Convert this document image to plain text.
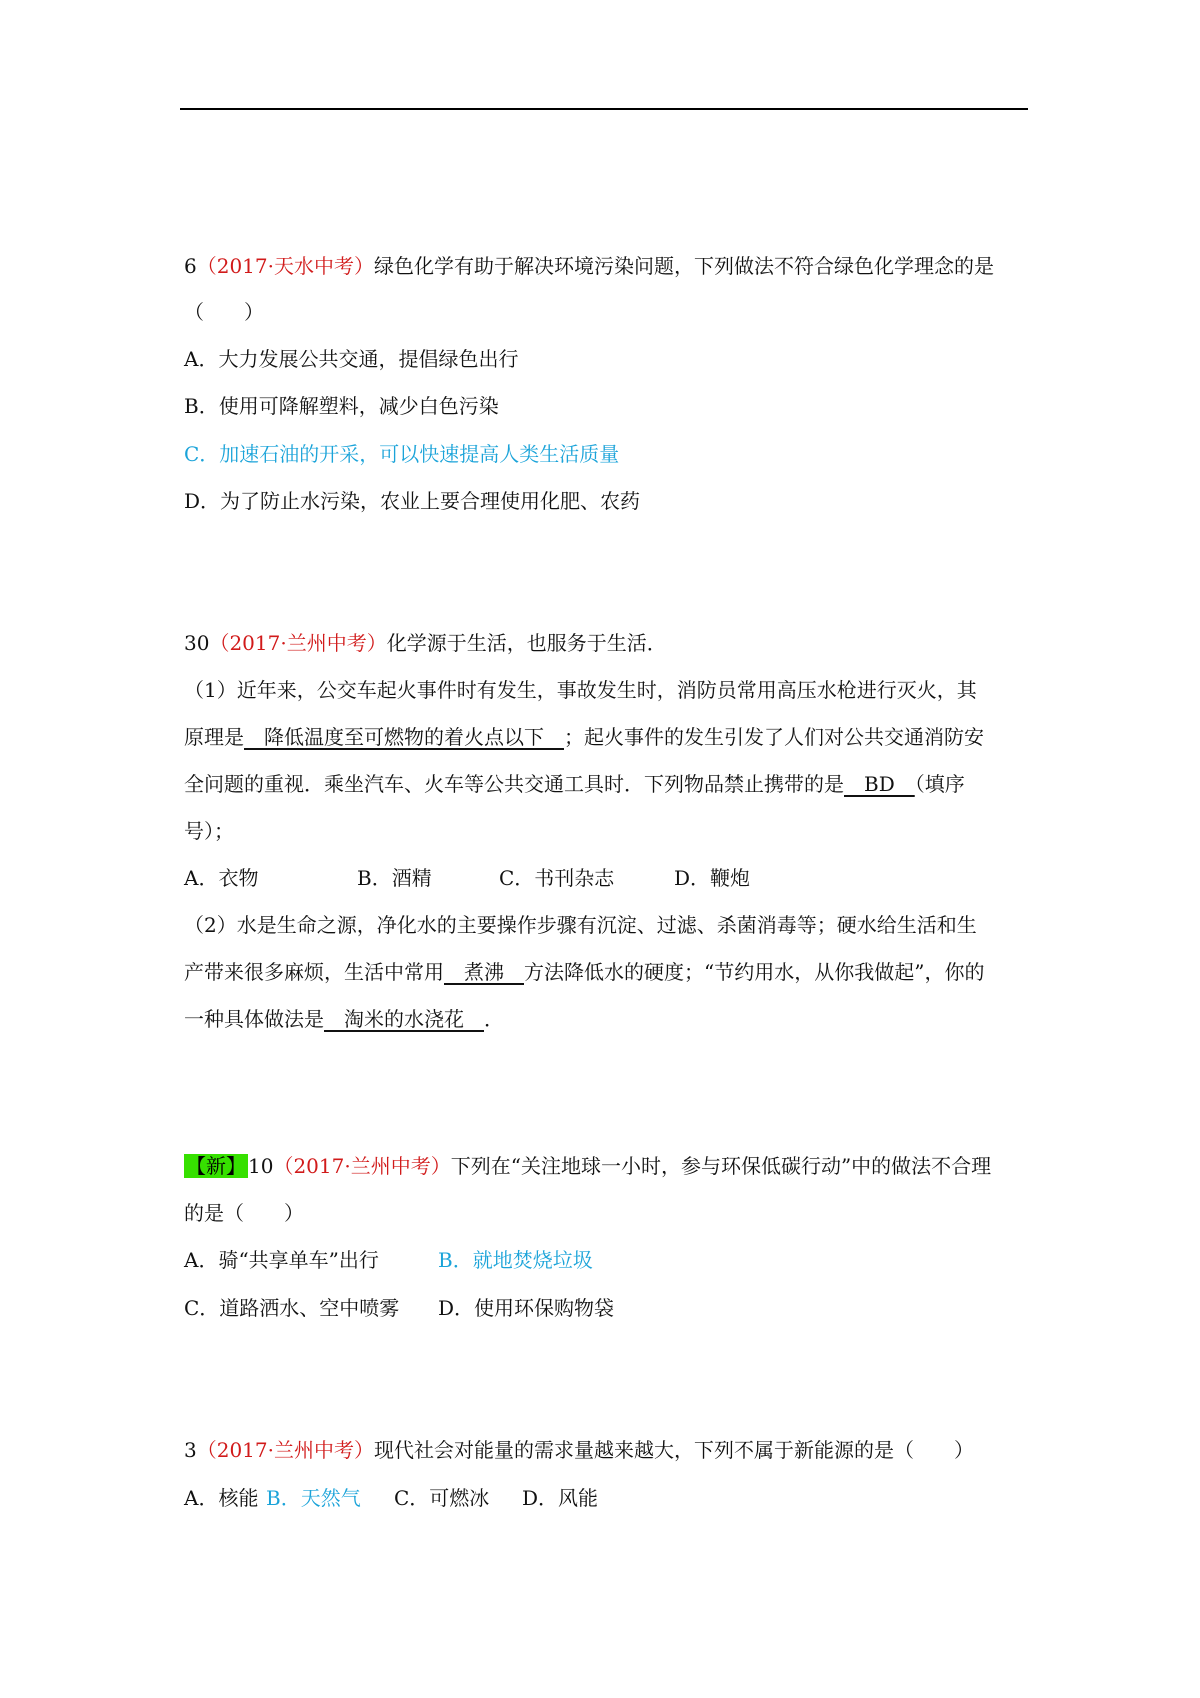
6（2017·天水中考）绿色化学有助于解决环境污染问题，下列做法不符合绿色化学理念的是
（　　）
A．大力发展公共交通，提倡绿色出行
B．使用可降解塑料，减少白色污染
C．加速石油的开采，可以快速提高人类生活质量
D．为了防止水污染，农业上要合理使用化肥、农药
30（2017·兰州中考）化学源于生活，也服务于生活．
（1）近年来，公交车起火事件时有发生，事故发生时，消防员常用高压水枪进行灭火，其
原理是　降低温度至可燃物的着火点以下　；起火事件的发生引发了人们对公共交通消防安
全问题的重视．乘坐汽车、火车等公共交通工具时．下列物品禁止携带的是　BD　（填序
号）；
A．衣物	B．酒精	C．书刊杂志	D．鞭炮
（2）水是生命之源，净化水的主要操作步骤有沉淀、过滤、杀菌消毒等；硬水给生活和生
产带来很多麻烦，生活中常用　煮沸　方法降低水的硬度；“节约用水，从你我做起”，你的
一种具体做法是　淘米的水浇花　．
【新】 10（2017·兰州中考）下列在“关注地球一小时，参与环保低碳行动”中的做法不合理
的是（　　）
A．骑“共享单车”出行	B．就地焚烧垃圾
C．道路洒水、空中喷雾 D．使用环保购物袋
3（2017·兰州中考）现代社会对能量的需求量越来越大，下列不属于新能源的是（　　）
A．核能 B．天然气 C．可燃冰 D．风能
